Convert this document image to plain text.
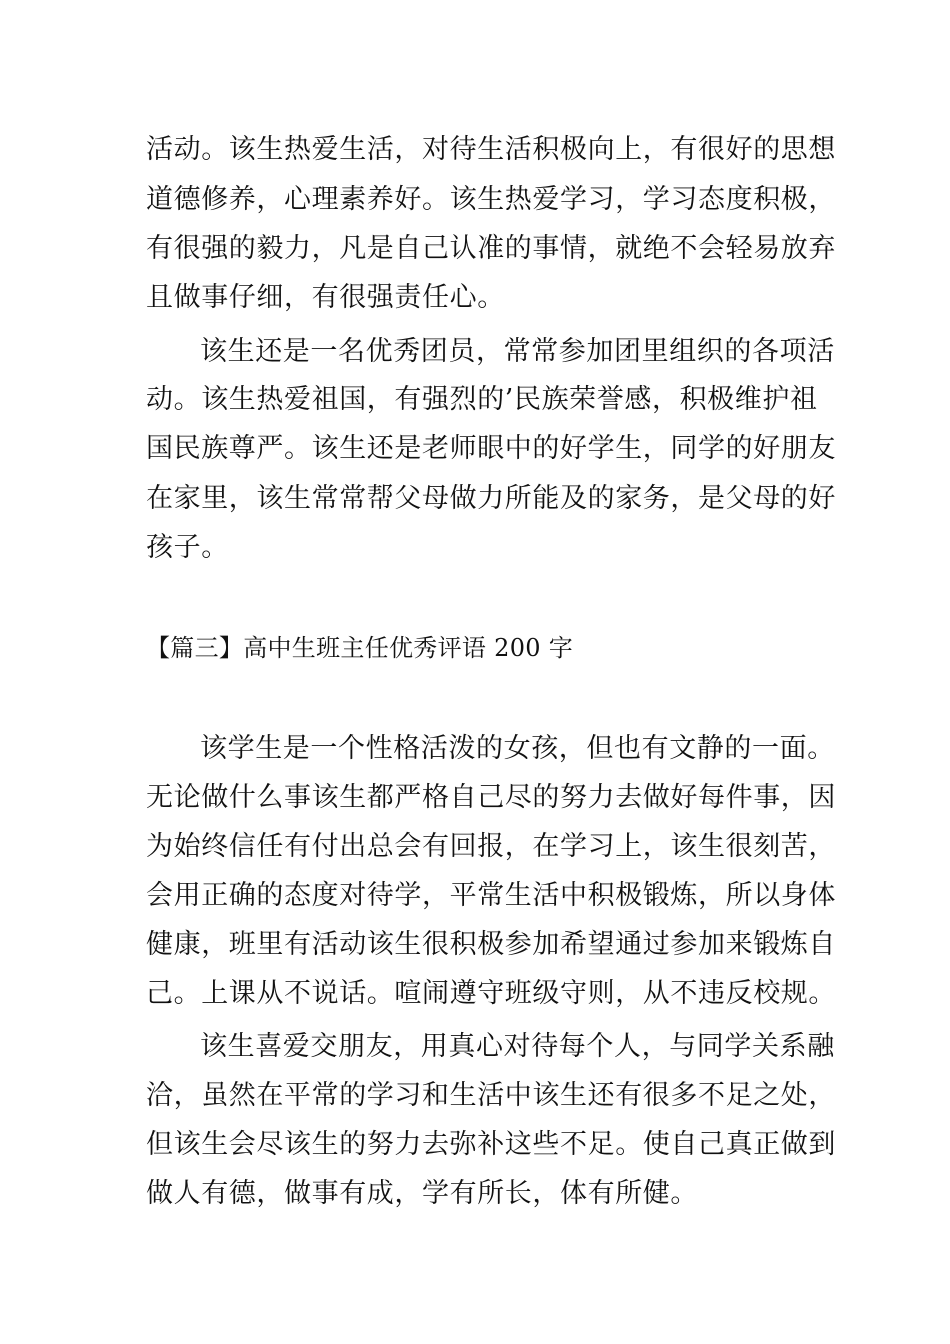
活动。该生热爱生活，对待生活积极向上，有很好的思想
道德修养，心理素养好。该生热爱学习，学习态度积极，
有很强的毅力，凡是自己认准的事情，就绝不会轻易放弃
且做事仔细，有很强责任心。
该生还是一名优秀团员，常常参加团里组织的各项活
动。该生热爱祖国，有强烈的’民族荣誉感，积极维护祖
国民族尊严。该生还是老师眼中的好学生，同学的好朋友
在家里，该生常常帮父母做力所能及的家务，是父母的好
孩子。
【篇三】高中生班主任优秀评语 200 字
该学生是一个性格活泼的女孩，但也有文静的一面。
无论做什么事该生都严格自己尽的努力去做好每件事，因
为始终信任有付出总会有回报，在学习上，该生很刻苦，
会用正确的态度对待学，平常生活中积极锻炼，所以身体
健康，班里有活动该生很积极参加希望通过参加来锻炼自
己。上课从不说话。喧闹遵守班级守则，从不违反校规。
该生喜爱交朋友，用真心对待每个人，与同学关系融
洽，虽然在平常的学习和生活中该生还有很多不足之处，
但该生会尽该生的努力去弥补这些不足。使自己真正做到
做人有德，做事有成，学有所长，体有所健。
